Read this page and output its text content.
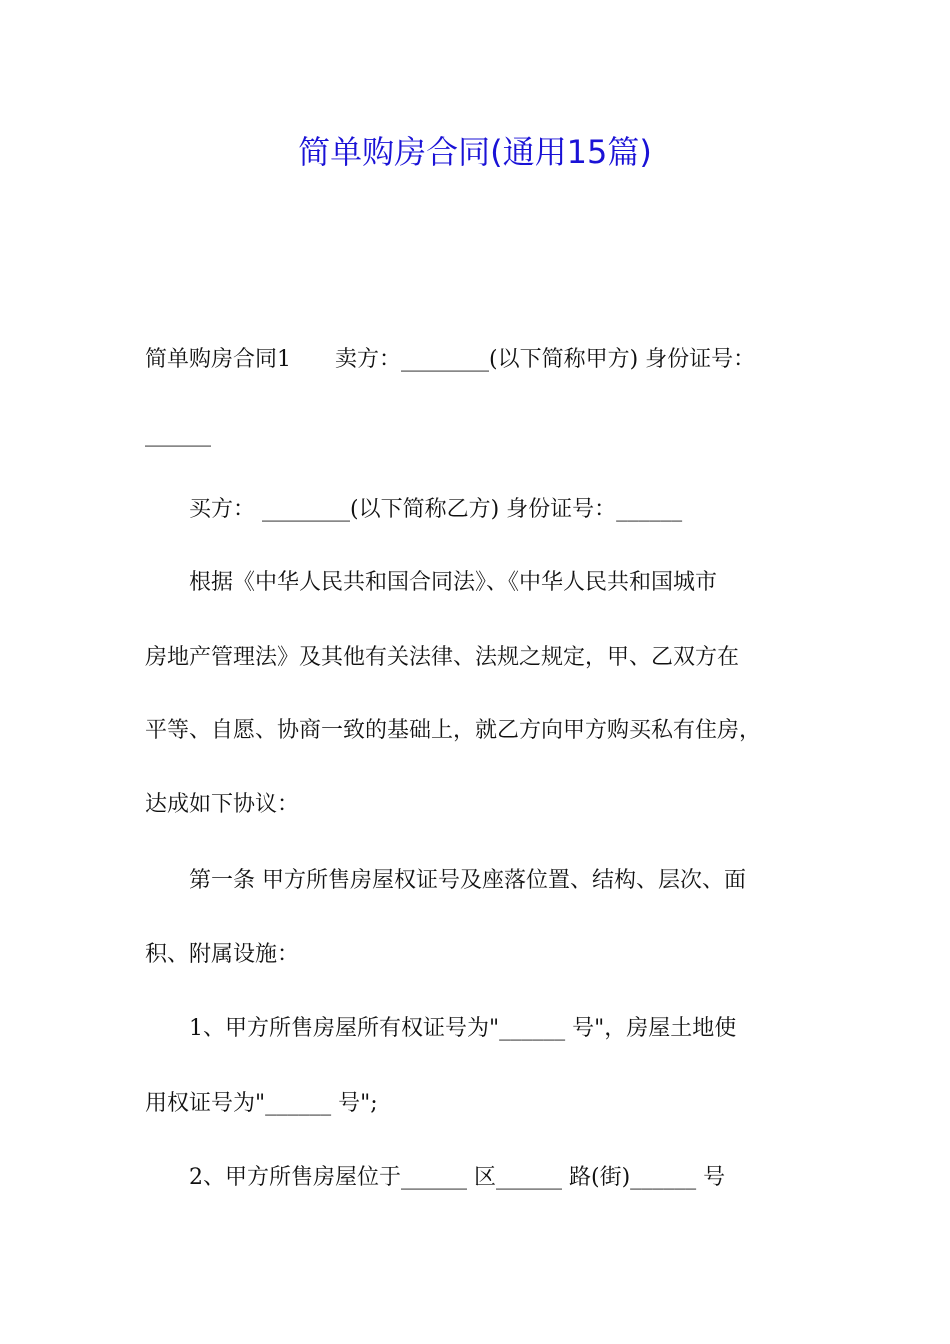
简单购房合同(通用15篇)
简单购房合同1　　卖方：________(以下简称甲方) 身份证号：
______
　　买方： ________(以下简称乙方) 身份证号：______
　　根据《中华人民共和国合同法》、《中华人民共和国城市
房地产管理法》及其他有关法律、法规之规定，甲、乙双方在
平等、自愿、协商一致的基础上，就乙方向甲方购买私有住房，
达成如下协议：
　　第一条 甲方所售房屋权证号及座落位置、结构、层次、面
积、附属设施：
　　1、甲方所售房屋所有权证号为"______ 号"，房屋土地使
用权证号为"______ 号";
　　2、甲方所售房屋位于______ 区______ 路(街)______ 号
